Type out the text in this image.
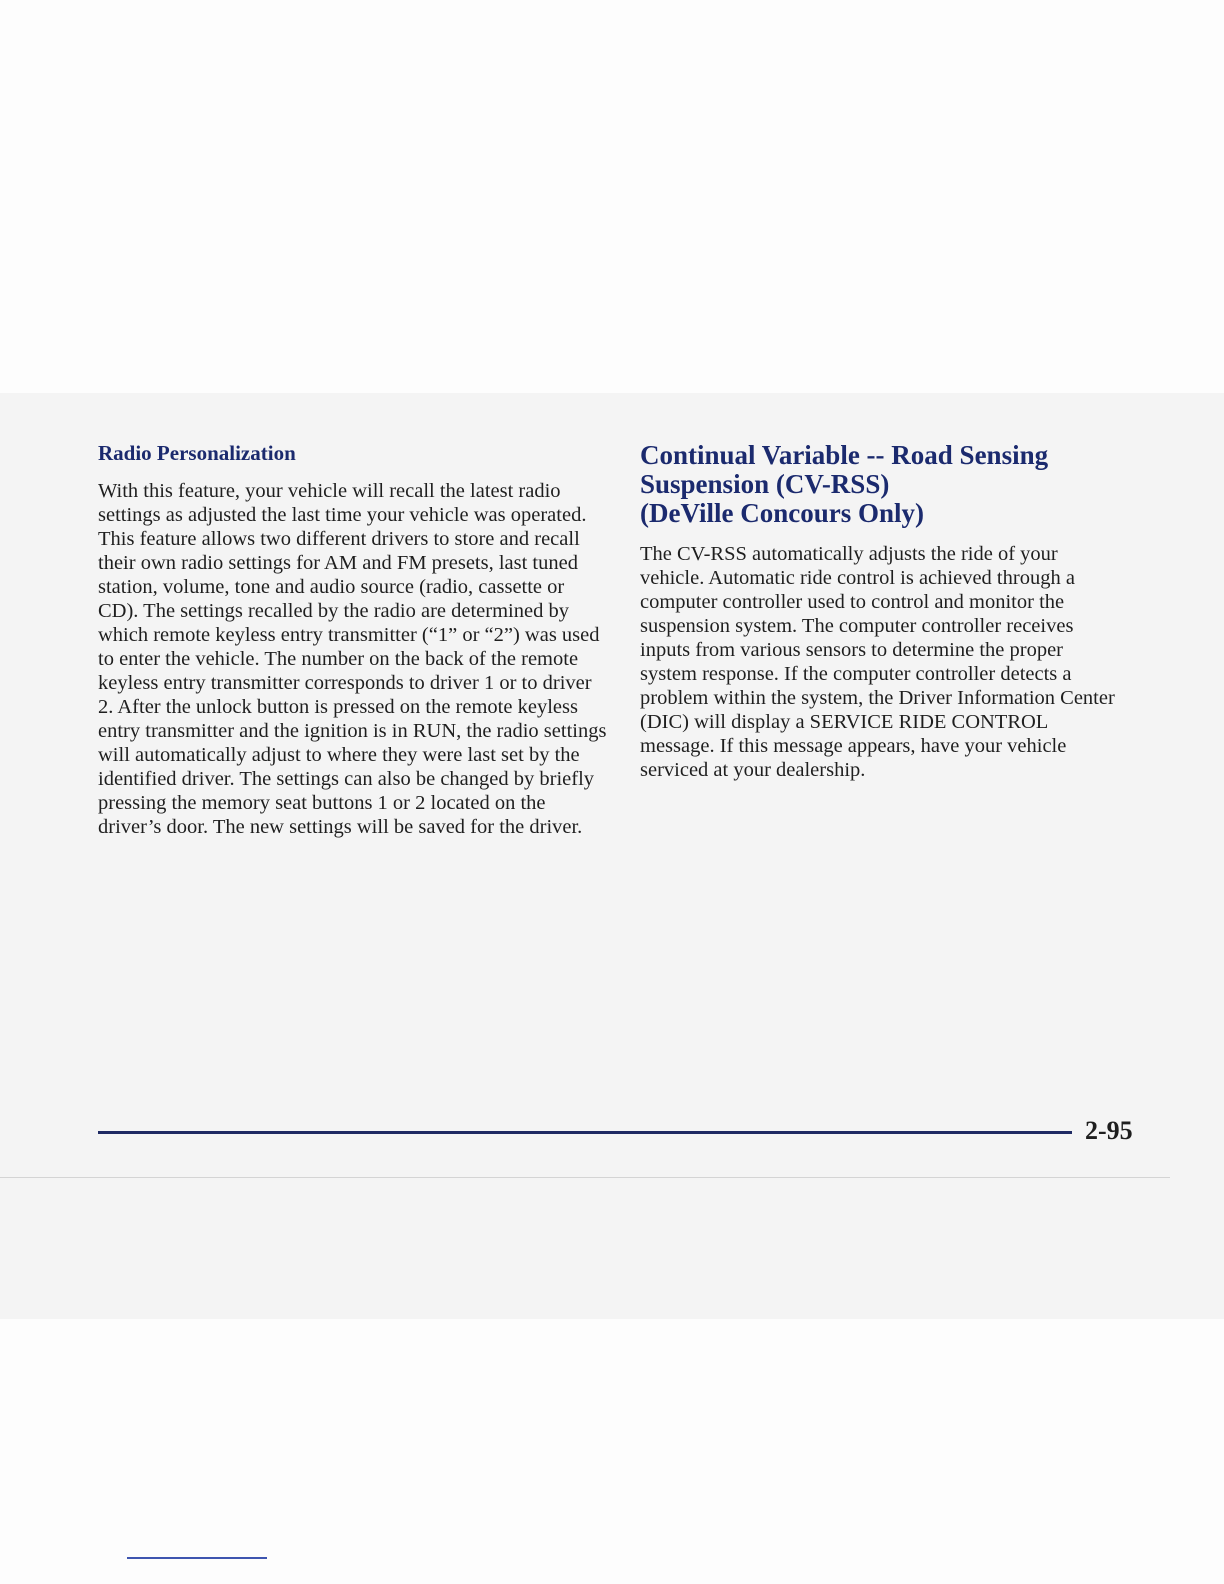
Radio Personalization

With this feature, your vehicle will recall the latest radio settings as adjusted the last time your vehicle was operated. This feature allows two different drivers to store and recall their own radio settings for AM and FM presets, last tuned station, volume, tone and audio source (radio, cassette or CD). The settings recalled by the radio are determined by which remote keyless entry transmitter (“1” or “2”) was used to enter the vehicle. The number on the back of the remote keyless entry transmitter corresponds to driver 1 or to driver 2. After the unlock button is pressed on the remote keyless entry transmitter and the ignition is in RUN, the radio settings will automatically adjust to where they were last set by the identified driver. The settings can also be changed by briefly pressing the memory seat buttons 1 or 2 located on the driver’s door. The new settings will be saved for the driver.

Continual Variable -- Road Sensing
Suspension (CV-RSS)
(DeVille Concours Only)

The CV-RSS automatically adjusts the ride of your vehicle. Automatic ride control is achieved through a computer controller used to control and monitor the suspension system. The computer controller receives inputs from various sensors to determine the proper system response. If the computer controller detects a problem within the system, the Driver Information Center (DIC) will display a SERVICE RIDE CONTROL message. If this message appears, have your vehicle serviced at your dealership.

2-95
